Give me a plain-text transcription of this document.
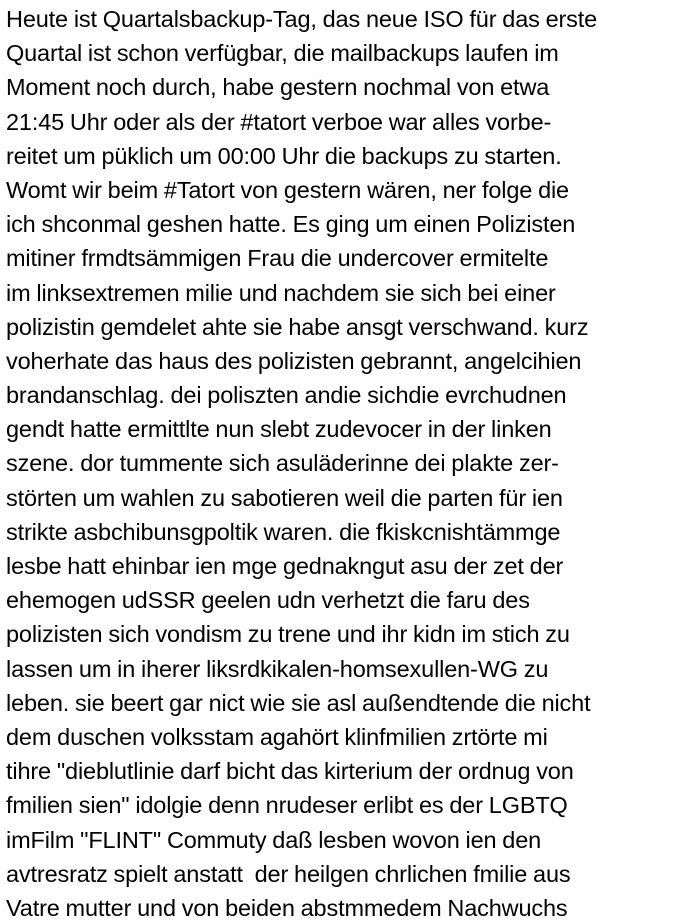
Heute ist Quartalsbackup-Tag, das neue ISO für das erste
Quartal ist schon verfügbar, die mailbackups laufen im
Moment noch durch, habe gestern nochmal von etwa
21:45 Uhr oder als der #tatort verboe war alles vorbe-
reitet um püklich um 00:00 Uhr die backups zu starten.
Womt wir beim #Tatort von gestern wären, ner folge die
ich shconmal geshen hatte. Es ging um einen Polizisten
mitiner frmdtsämmigen Frau die undercover ermitelte
im linksextremen milie und nachdem sie sich bei einer
polizistin gemdelet ahte sie habe ansgt verschwand. kurz
voherhate das haus des polizisten gebrannt, angelcihien
brandanschlag. dei poliszten andie sichdie evrchudnen
gendt hatte ermittlte nun slebt zudevocer in der linken
szene. dor tummente sich asuläderinne dei plakte zer-
störten um wahlen zu sabotieren weil die parten für ien
strikte asbchibunsgpoltik waren. die fkiskcnishtämmge
lesbe hatt ehinbar ien mge gednakngut asu der zet der
ehemogen udSSR geelen udn verhetzt die faru des
polizisten sich vondism zu trene und ihr kidn im stich zu
lassen um in iherer liksrdkikalen-homsexullen-WG zu
leben. sie beert gar nict wie sie asl außendtende die nicht
dem duschen volksstam agahört klinfmilien zrtörte mi
tihre "dieblutlinie darf bicht das kirterium der ordnug von
fmilien sien" idolgie denn nrudeser erlibt es der LGBTQ
imFilm "FLINT" Commuty daß lesben wovon ien den
avtresratz spielt anstatt  der heilgen chrlichen fmilie aus
Vatre mutter und von beiden abstmmedem Nachwuchs
